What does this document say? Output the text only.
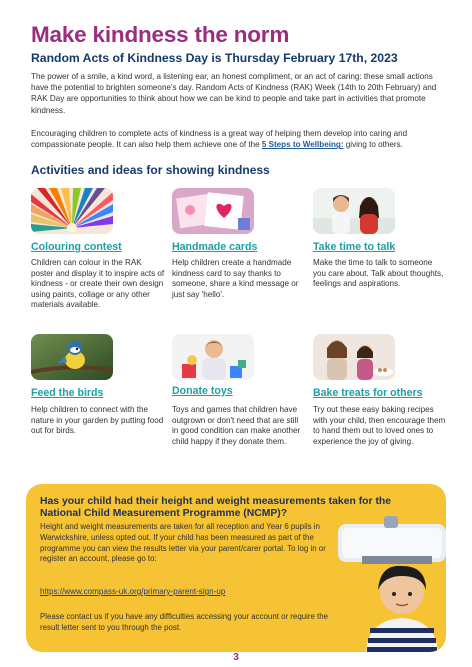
Make kindness the norm
Random Acts of Kindness Day is Thursday February 17th, 2023

The power of a smile, a kind word, a listening ear, an honest compliment, or an act of caring: these small actions have the potential to brighten someone's day. Random Acts of Kindness (RAK) Week (14th to 20th February) and RAK Day are opportunities to think about how we can be kind to people and take part in activities that promote kindness.

Encouraging children to complete acts of kindness is a great way of helping them develop into caring and compassionate people. It can also help them achieve one of the 5 Steps to Wellbeing: giving to others.

Activities and ideas for showing kindness
Colouring contest
Children can colour in the RAK poster and display it to inspire acts of kindness - or create their own design using paints, collage or any other materials available.
Handmade cards
Help children create a handmade kindness card to say thanks to someone, share a kind message or just say 'hello'.
Take time to talk
Make the time to talk to someone you care about. Talk about thoughts, feelings and aspirations.
Feed the birds
Help children to connect with the nature in your garden by putting food out for birds.
Donate toys
Toys and games that children have outgrown or don't need that are still in good condition can make another child happy if they donate them.
Bake treats for others
Try out these easy baking recipes with your child, then encourage them to hand them out to loved ones to experience the joy of giving.
Has your child had their height and weight measurements taken for the National Child Measurement Programme (NCMP)?
Height and weight measurements are taken for all reception and Year 6 pupils in Warwickshire, unless opted out. If your child has been measured as part of the programme you can view the results letter via your parent/carer portal. To log in or register an account, please go to:
https://www.compass-uk.org/primary-parent-sign-up
Please contact us if you have any difficulties accessing your account or require the result letter sent to you through the post.
3
